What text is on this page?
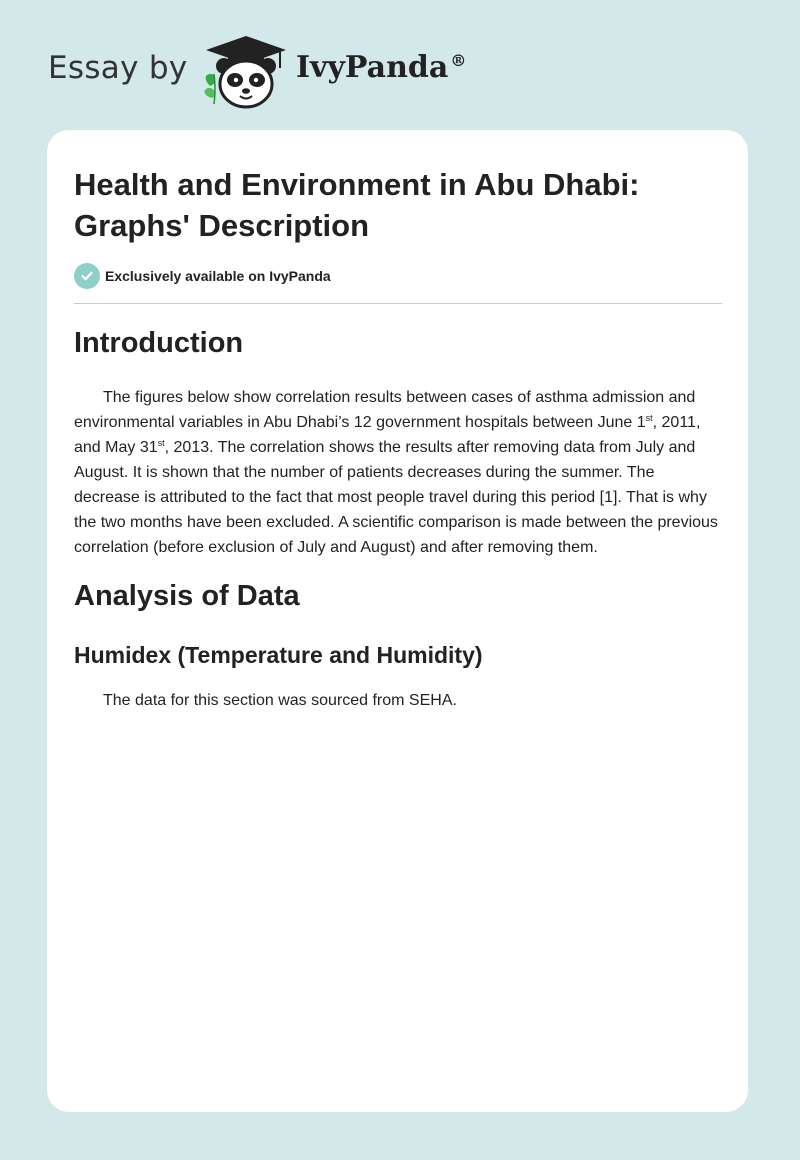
Essay by	IvyPanda ®
Health and Environment in Abu Dhabi: Graphs' Description
Exclusively available on IvyPanda
Introduction

The figures below show correlation results between cases of asthma admission and environmental variables in Abu Dhabi’s 12 government hospitals between June 1st, 2011, and May 31st, 2013. The correlation shows the results after removing data from July and August. It is shown that the number of patients decreases during the summer. The decrease is attributed to the fact that most people travel during this period [1]. That is why the two months have been excluded. A scientific comparison is made between the previous correlation (before exclusion of July and August) and after removing them.

Analysis of Data
Humidex (Temperature and Humidity)

The data for this section was sourced from SEHA.
